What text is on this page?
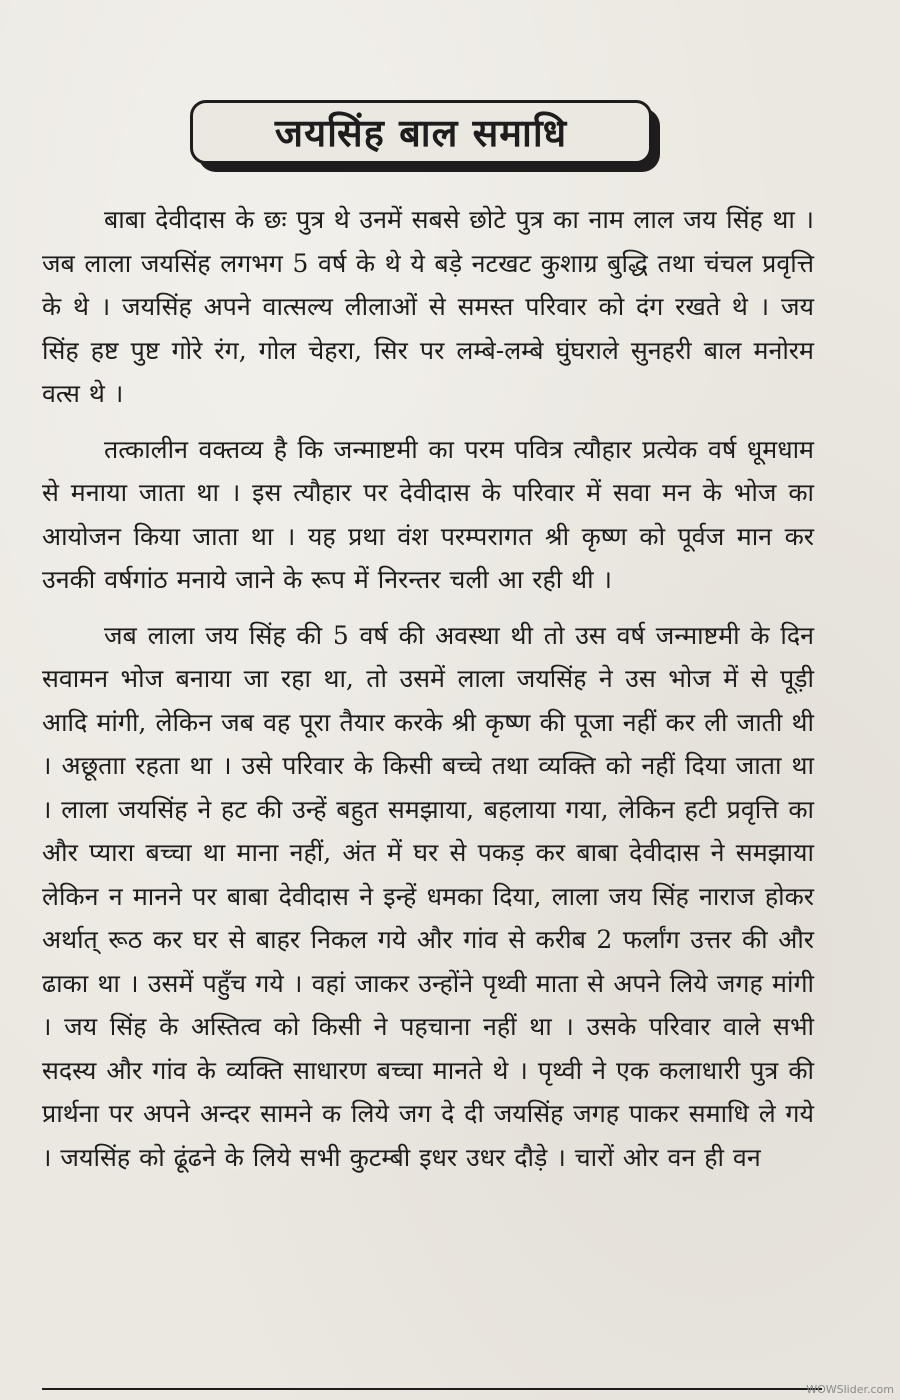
जयसिंह बाल समाधि

बाबा देवीदास के छः पुत्र थे उनमें सबसे छोटे पुत्र का नाम लाल जय सिंह था । जब लाला जयसिंह लगभग 5 वर्ष के थे ये बड़े नटखट कुशाग्र बुद्धि तथा चंचल प्रवृत्ति के थे । जयसिंह अपने वात्सल्य लीलाओं से समस्त परिवार को दंग रखते थे । जय सिंह हष्ट पुष्ट गोरे रंग, गोल चेहरा, सिर पर लम्बे-लम्बे घुंघराले सुनहरी बाल मनोरम वत्स थे ।

तत्कालीन वक्तव्य है कि जन्माष्टमी का परम पवित्र त्यौहार प्रत्येक वर्ष धूमधाम से मनाया जाता था । इस त्यौहार पर देवीदास के परिवार में सवा मन के भोज का आयोजन किया जाता था । यह प्रथा वंश परम्परागत श्री कृष्ण को पूर्वज मान कर उनकी वर्षगांठ मनाये जाने के रूप में निरन्तर चली आ रही थी ।

जब लाला जय सिंह की 5 वर्ष की अवस्था थी तो उस वर्ष जन्माष्टमी के दिन सवामन भोज बनाया जा रहा था, तो उसमें लाला जयसिंह ने उस भोज में से पूड़ी आदि मांगी, लेकिन जब वह पूरा तैयार करके श्री कृष्ण की पूजा नहीं कर ली जाती थी । अछूताा रहता था । उसे परिवार के किसी बच्चे तथा व्यक्ति को नहीं दिया जाता था । लाला जयसिंह ने हट की उन्हें बहुत समझाया, बहलाया गया, लेकिन हटी प्रवृत्ति का और प्यारा बच्चा था माना नहीं, अंत में घर से पकड़ कर बाबा देवीदास ने समझाया लेकिन न मानने पर बाबा देवीदास ने इन्हें धमका दिया, लाला जय सिंह नाराज होकर अर्थात् रूठ कर घर से बाहर निकल गये और गांव से करीब 2 फर्लांग उत्तर की और ढाका था । उसमें पहुँच गये । वहां जाकर उन्होंने पृथ्वी माता से अपने लिये जगह मांगी । जय सिंह के अस्तित्व को किसी ने पहचाना नहीं था । उसके परिवार वाले सभी सदस्य और गांव के व्यक्ति साधारण बच्चा मानते थे । पृथ्वी ने एक कलाधारी पुत्र की प्रार्थना पर अपने अन्दर सामने क लिये जग दे दी जयसिंह जगह पाकर समाधि ले गये । जयसिंह को ढूंढने के लिये सभी कुटम्बी इधर उधर दौड़े । चारों ओर वन ही वन

WOWSlider.com
